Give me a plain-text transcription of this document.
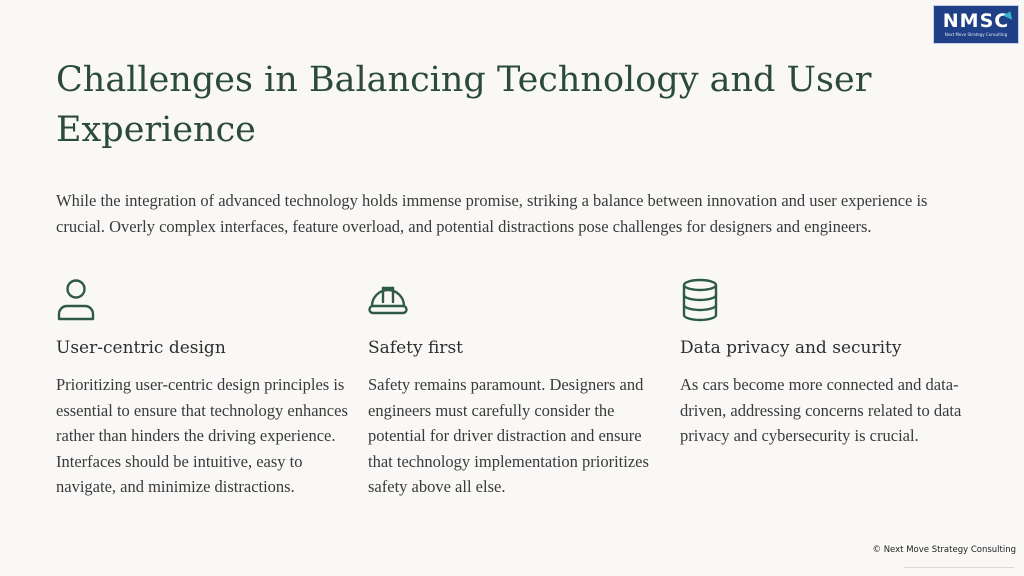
NMSC
Next Move Strategy Consulting
Challenges in Balancing Technology and User Experience

While the integration of advanced technology holds immense promise, striking a balance between innovation and user experience is crucial. Overly complex interfaces, feature overload, and potential distractions pose challenges for designers and engineers.

User-centric design

Prioritizing user-centric design principles is essential to ensure that technology enhances rather than hinders the driving experience. Interfaces should be intuitive, easy to navigate, and minimize distractions.

Safety first

Safety remains paramount. Designers and engineers must carefully consider the potential for driver distraction and ensure that technology implementation prioritizes safety above all else.

Data privacy and security

As cars become more connected and data-driven, addressing concerns related to data privacy and cybersecurity is crucial.

© Next Move Strategy Consulting
